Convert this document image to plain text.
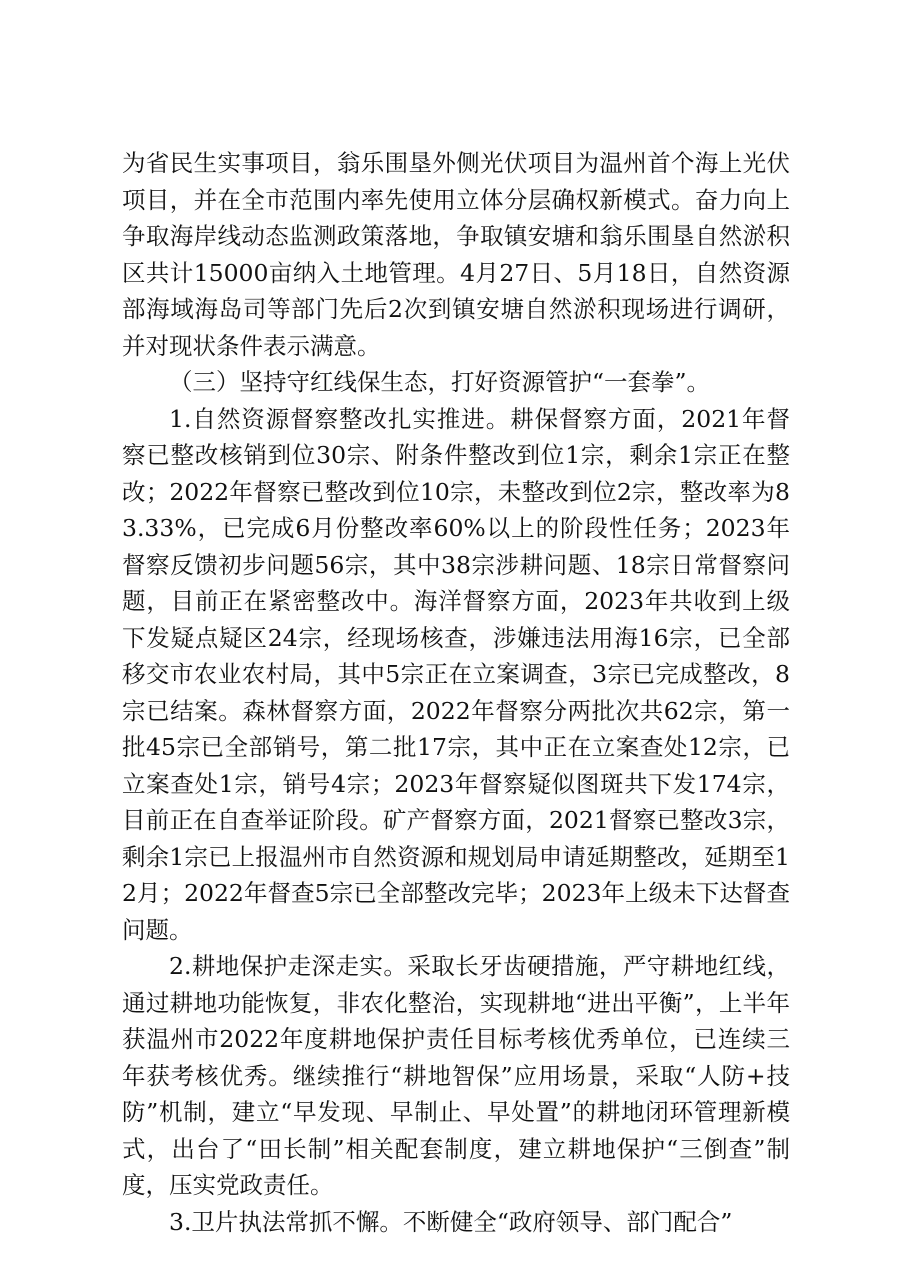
为省民生实事项目，翁乐围垦外侧光伏项目为温州首个海上光伏项目，并在全市范围内率先使用立体分层确权新模式。奋力向上争取海岸线动态监测政策落地，争取镇安塘和翁乐围垦自然淤积区共计15000亩纳入土地管理。4月27日、5月18日，自然资源部海域海岛司等部门先后2次到镇安塘自然淤积现场进行调研，并对现状条件表示满意。

（三）坚持守红线保生态，打好资源管护“一套拳”。

1.自然资源督察整改扎实推进。耕保督察方面，2021年督察已整改核销到位30宗、附条件整改到位1宗，剩余1宗正在整改；2022年督察已整改到位10宗，未整改到位2宗，整改率为83.33%，已完成6月份整改率60%以上的阶段性任务；2023年督察反馈初步问题56宗，其中38宗涉耕问题、18宗日常督察问题，目前正在紧密整改中。海洋督察方面，2023年共收到上级下发疑点疑区24宗，经现场核查，涉嫌违法用海16宗，已全部移交市农业农村局，其中5宗正在立案调查，3宗已完成整改，8宗已结案。森林督察方面，2022年督察分两批次共62宗，第一批45宗已全部销号，第二批17宗，其中正在立案查处12宗，已立案查处1宗，销号4宗；2023年督察疑似图斑共下发174宗，目前正在自查举证阶段。矿产督察方面，2021督察已整改3宗，剩余1宗已上报温州市自然资源和规划局申请延期整改，延期至12月；2022年督查5宗已全部整改完毕；2023年上级未下达督查问题。

2.耕地保护走深走实。采取长牙齿硬措施，严守耕地红线，通过耕地功能恢复，非农化整治，实现耕地“进出平衡”，上半年获温州市2022年度耕地保护责任目标考核优秀单位，已连续三年获考核优秀。继续推行“耕地智保”应用场景，采取“人防+技防”机制，建立“早发现、早制止、早处置”的耕地闭环管理新模式，出台了“田长制”相关配套制度，建立耕地保护“三倒查”制度，压实党政责任。

3.卫片执法常抓不懈。不断健全“政府领导、部门配合”
